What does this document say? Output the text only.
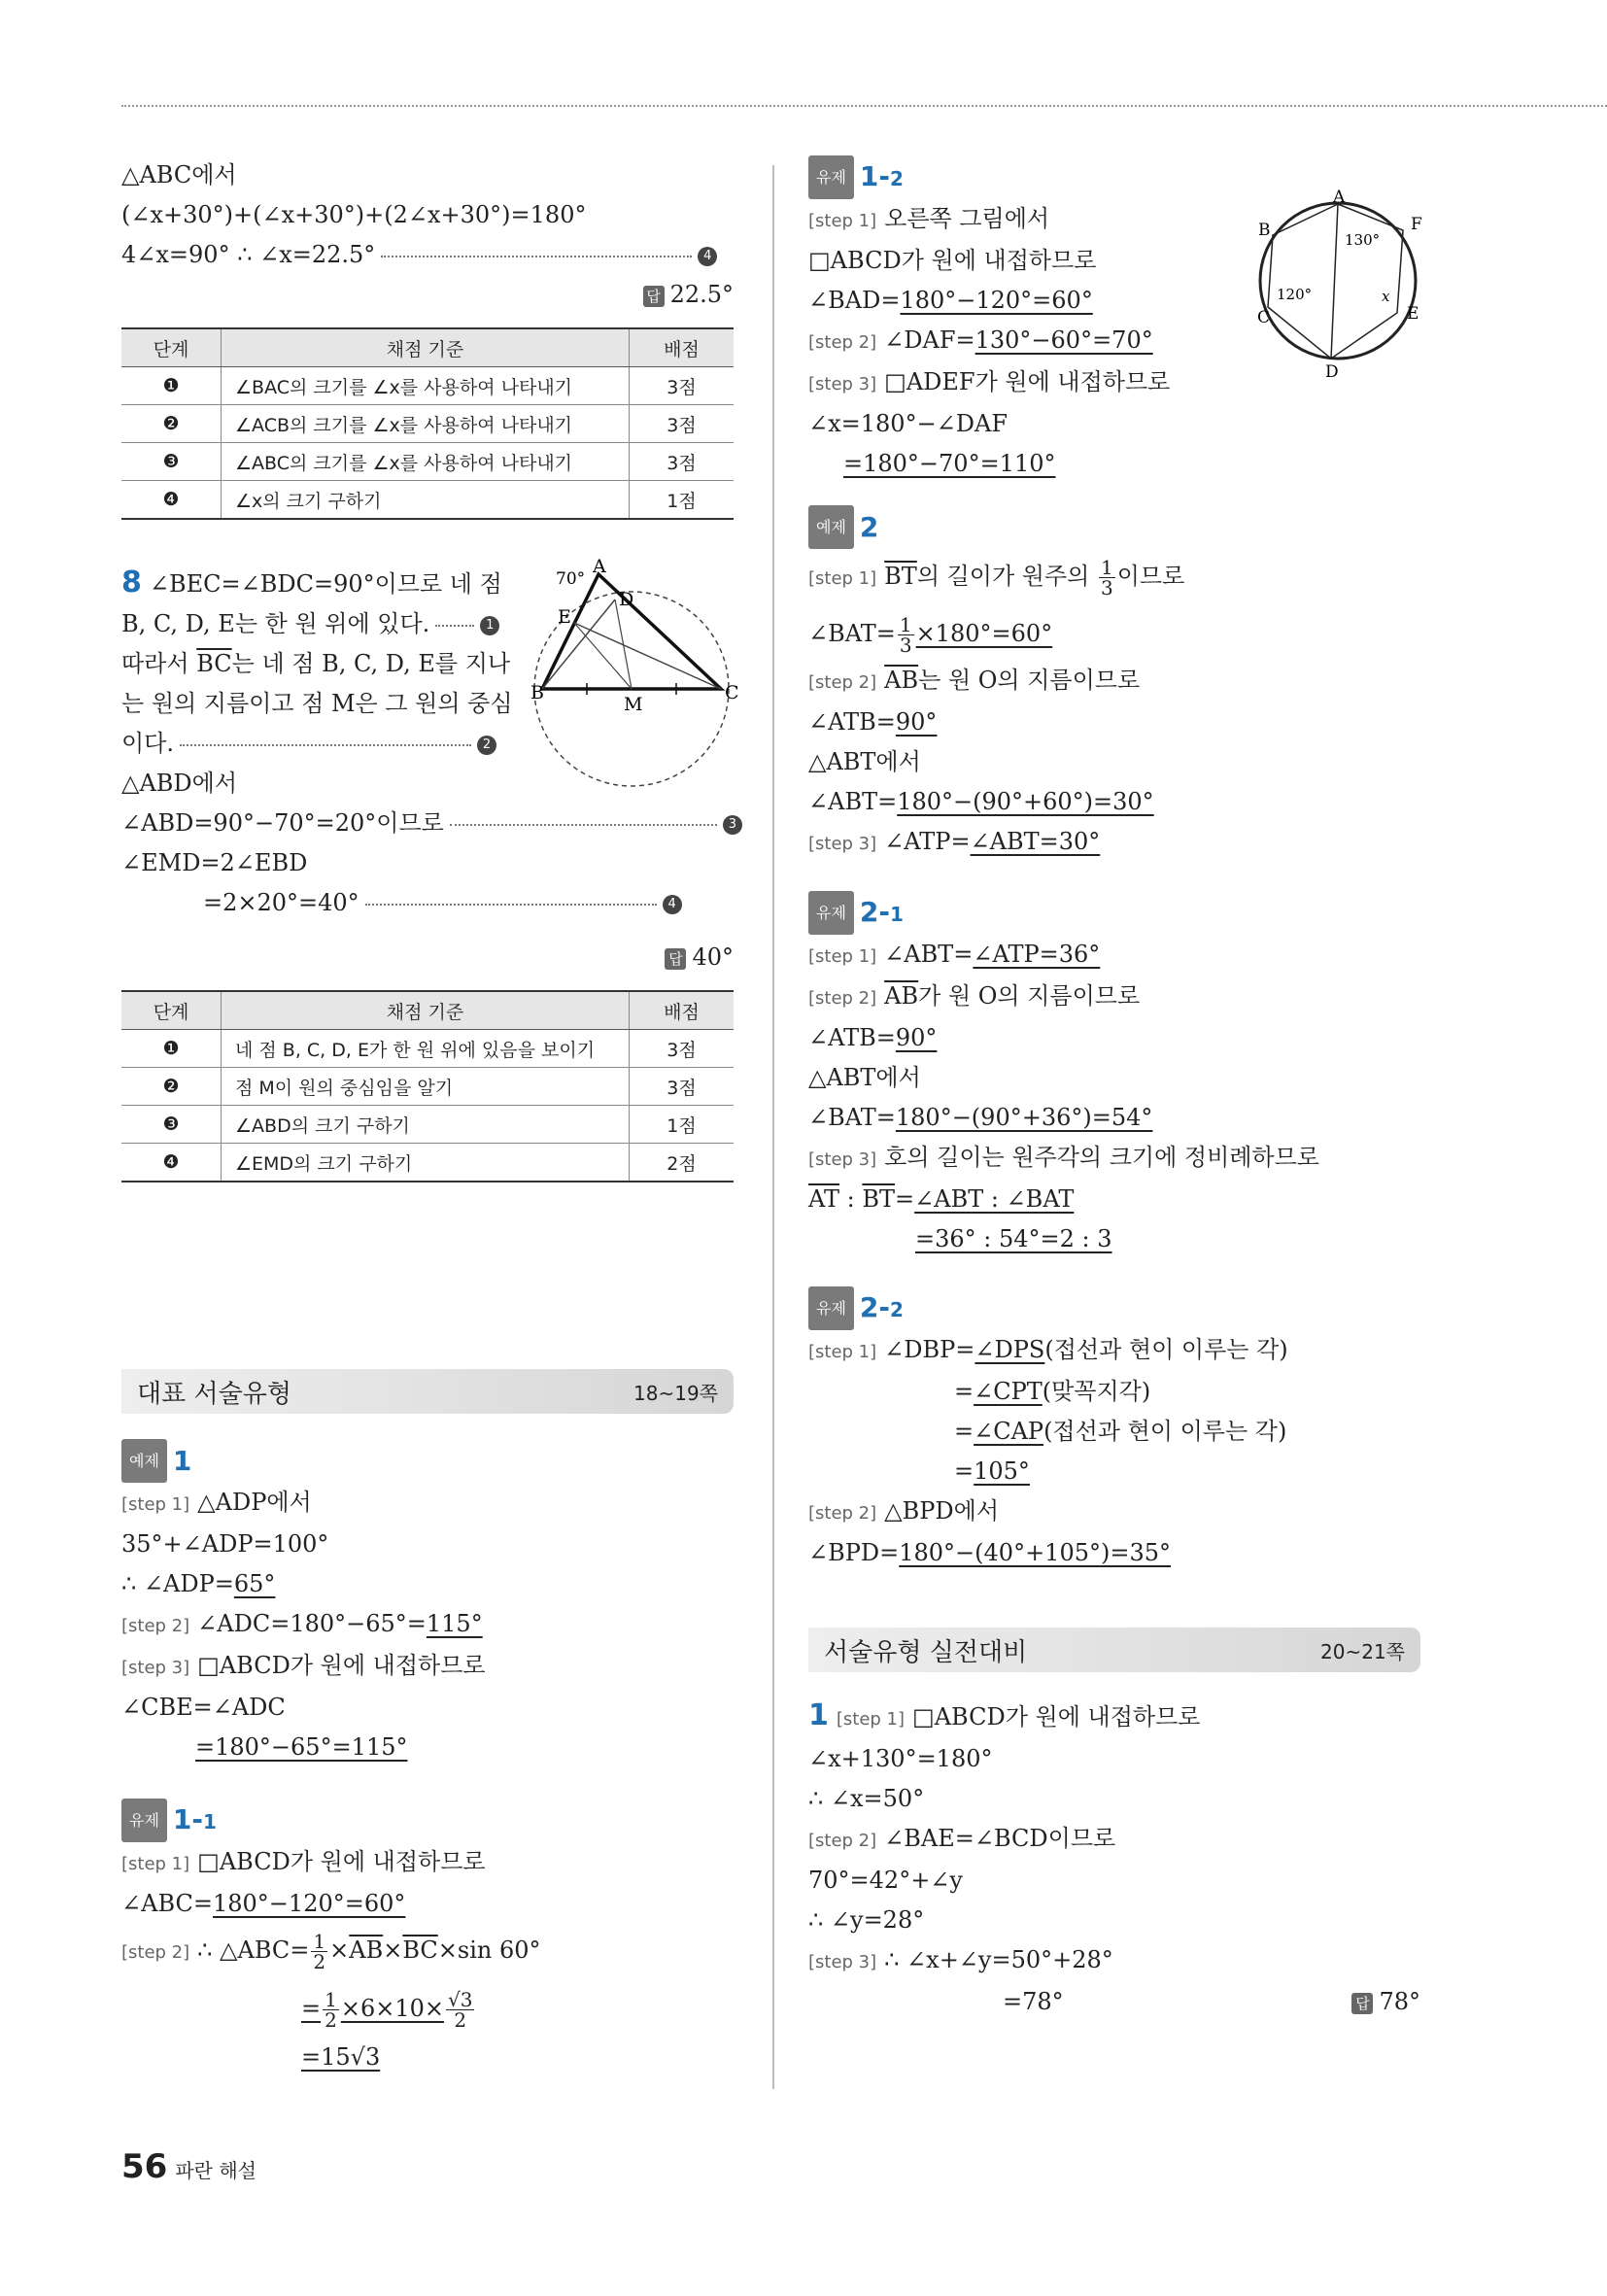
△ABC에서
(∠x+30°)+(∠x+30°)+(2∠x+30°)=180°
4∠x=90° ∴ ∠x=22.5°	4
답 22.5°
단계	채점 기준	배점
❶	∠BAC의 크기를 ∠x를 사용하여 나타내기	3점
❷	∠ACB의 크기를 ∠x를 사용하여 나타내기	3점
❸	∠ABC의 크기를 ∠x를 사용하여 나타내기	3점
❹	∠x의 크기 구하기	1점
8 ∠BEC=∠BDC=90°이므로 네 점
B, C, D, E는 한 원 위에 있다.	1
따라서 $\overline{BC}$는 네 점 B, C, D, E를 지나
는 원의 지름이고 점 M은 그 원의 중심
이다.	2
△ABD에서
∠ABD=90°−70°=20°이므로	3
∠EMD=2∠EBD
=2×20°=40°	4
70°
A
B	C
D
E
M
답 40°
단계	채점 기준	배점
❶	네 점 B, C, D, E가 한 원 위에 있음을 보이기	3점
❷	점 M이 원의 중심임을 알기	3점
❸	∠ABD의 크기 구하기	1점
❹	∠EMD의 크기 구하기	2점
대표 서술유형	18~19쪽
예제 1
[step 1] △ADP에서
35°+∠ADP=100°
∴ ∠ADP=65°
[step 2] ∠ADC=180°−65°=115°
[step 3] □ABCD가 원에 내접하므로
∠CBE=∠ADC
=180°−65°=115°
유제 1-1
[step 1] □ABCD가 원에 내접하므로
∠ABC=180°−120°=60°
[step 2] ∴ △ABC= $\frac{1}{2} \times\overline{AB}\times\overline{BC}\times\sin$ 60°
= $\frac{1}{2} \times 6\times 10\times \frac{√3}{2}$
=15√3
유제 1-2
[step 1] 오른쪽 그림에서
□ABCD가 원에 내접하므로
∠BAD=180°−120°=60°
[step 2] ∠DAF=130°−60°=70°
[step 3] □ADEF가 원에 내접하므로
∠x=180°−∠DAF
=180°−70°=110°
A
B
C
D
E
F
130°
120°	x
예제 2
[step 1] $\overline{BT}$의 길이가 원주의 $\frac{1}{3}$ 이므로
∠BAT= $\frac{1}{3} \times 180^\circ=60^\circ$
[step 2] $\overline{AB}$는 원 O의 지름이므로
∠ATB=90°
△ABT에서
∠ABT=180°−(90°+60°)=30°
[step 3] ∠ATP=∠ABT=30°
유제 2-1
[step 1] ∠ABT=∠ATP=36°
[step 2] $\overline{AB}$가 원 O의 지름이므로
∠ATB=90°
△ABT에서
∠BAT=180°−(90°+36°)=54°
[step 3] 호의 길이는 원주각의 크기에 정비례하므로
$\overline{AT}$ : $\overline{BT}=\angle ABT$ : ∠BAT
=36° : 54°=2 : 3
유제 2-2
[step 1] ∠DBP=∠DPS(접선과 현이 이루는 각)
=∠CPT(맞꼭지각)
=∠CAP(접선과 현이 이루는 각)
=105°
[step 2] △BPD에서
∠BPD=180°−(40°+105°)=35°
서술유형 실전대비	20~21쪽
1 [step 1] □ABCD가 원에 내접하므로
∠x+130°=180°
∴ ∠x=50°
[step 2] ∠BAE=∠BCD이므로
70°=42°+∠y
∴ ∠y=28°
[step 3] ∴ ∠x+∠y=50°+28°
=78°	답 78°
56 파란 해설
